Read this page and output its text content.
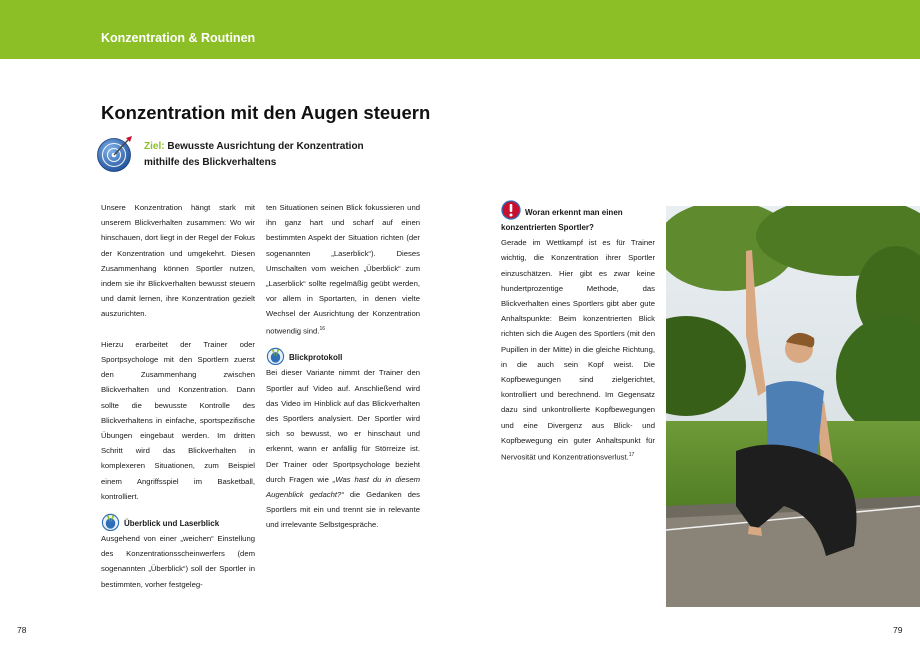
Konzentration & Routinen
Konzentration mit den Augen steuern
Ziel: Bewusste Ausrichtung der Konzentration
mithilfe des Blickverhaltens

Unsere Konzentration hängt stark mit unserem Blickverhalten zusammen: Wo wir hinschauen, dort liegt in der Regel der Fokus der Konzentration und umgekehrt. Diesen Zusammenhang können Sportler nutzen, indem sie ihr Blickverhalten bewusst steuern und damit lernen, ihre Konzentration gezielt auszurichten.

Hierzu erarbeitet der Trainer oder Sportpsychologe mit den Sportlern zuerst den Zusammenhang zwischen Blickverhalten und Konzentration. Dann sollte die bewusste Kontrolle des Blickverhaltens in einfache, sportspezifische Übungen eingebaut werden. Im dritten Schritt wird das Blickverhalten in komplexeren Situationen, zum Beispiel einem Angriffsspiel im Basketball, kontrolliert.

Überblick und Laserblick

Ausgehend von einer „weichen“ Einstellung des Konzentrationsscheinwerfers (dem sogenannten „Überblick“) soll der Sportler in bestimmten, vorher festgeleg-

ten Situationen seinen Blick fokussieren und ihn ganz hart und scharf auf einen bestimmten Aspekt der Situation richten (der sogenannten „Laserblick“). Dieses Umschalten vom weichen „Überblick“ zum „Laserblick“ sollte regelmäßig geübt werden, vor allem in Sportarten, in denen vielte Wechsel der Ausrichtung der Konzentration notwendig sind.$^{16}$

Blickprotokoll

Bei dieser Variante nimmt der Trainer den Sportler auf Video auf. Anschließend wird das Video im Hinblick auf das Blickverhalten des Sportlers analysiert. Der Sportler wird sich so bewusst, wo er hinschaut und erkennt, wann er anfällig für Störreize ist. Der Trainer oder Sportpsychologe bezieht durch Fragen wie „Was hast du in diesem Augenblick gedacht?“ die Gedanken des Sportlers mit ein und trennt sie in relevante und irrelevante Selbstgespräche.

Woran erkennt man einen
konzentrierten Sportler?

Gerade im Wettkampf ist es für Trainer wichtig, die Konzentration ihrer Sportler einzuschätzen. Hier gibt es zwar keine hundertprozentige Methode, das Blickverhalten eines Sportlers gibt aber gute Anhaltspunkte: Beim konzentrierten Blick richten sich die Augen des Sportlers (mit den Pupillen in der Mitte) in die gleiche Richtung, in die auch sein Kopf weist. Die Kopfbewegungen sind zielgerichtet, kontrolliert und berechnend. Im Gegensatz dazu sind unkontrollierte Kopfbewegungen und eine Divergenz aus Blick- und Kopfbewegung ein guter Anhaltspunkt für Nervosität und Konzentrationsverlust.$^{17}$

78	79
